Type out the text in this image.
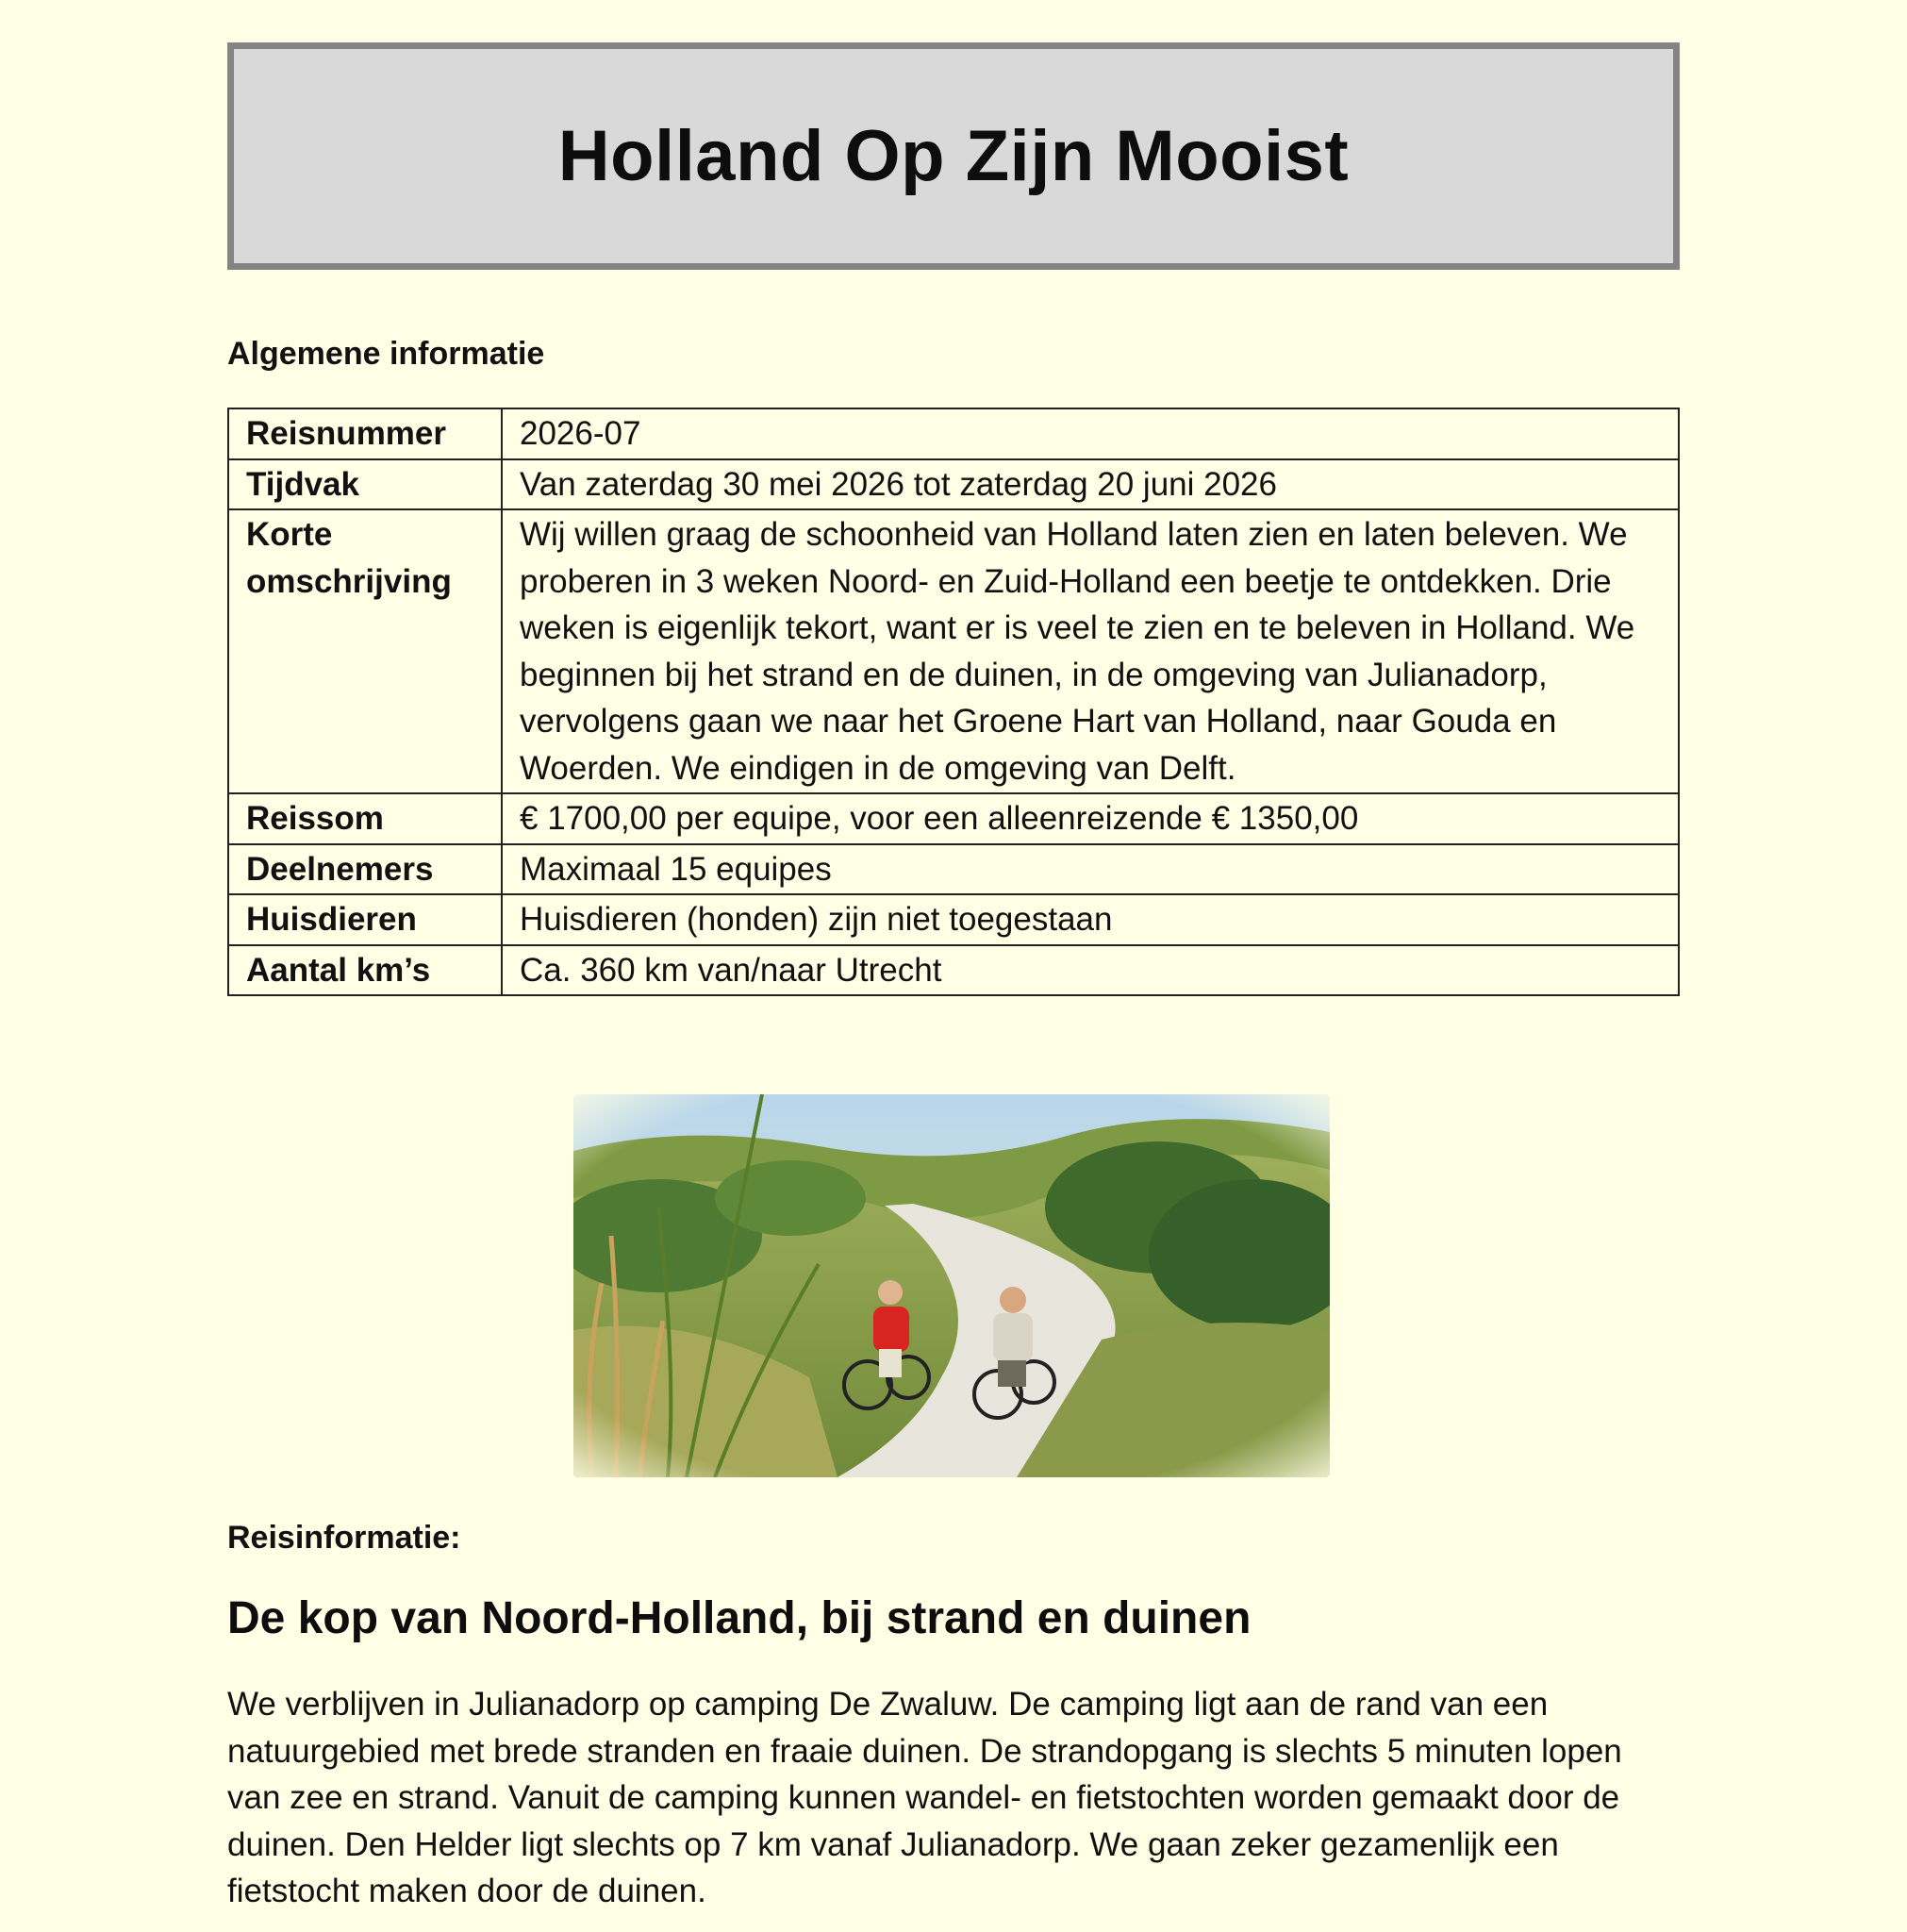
Holland Op Zijn Mooist

Algemene informatie

Reisnummer	2026-07
Tijdvak	Van zaterdag 30 mei 2026 tot zaterdag 20 juni 2026
Korte omschrijving	Wij willen graag de schoonheid van Holland laten zien en laten beleven. We proberen in 3 weken Noord- en Zuid-Holland een beetje te ontdekken. Drie weken is eigenlijk tekort, want er is veel te zien en te beleven in Holland. We beginnen bij het strand en de duinen, in de omgeving van Julianadorp, vervolgens gaan we naar het Groene Hart van Holland, naar Gouda en Woerden. We eindigen in de omgeving van Delft.
Reissom	€ 1700,00 per equipe, voor een alleenreizende € 1350,00
Deelnemers	Maximaal 15 equipes
Huisdieren	Huisdieren (honden) zijn niet toegestaan
Aantal km’s	Ca. 360 km van/naar Utrecht

Reisinformatie:

De kop van Noord-Holland, bij strand en duinen

We verblijven in Julianadorp op camping De Zwaluw. De camping ligt aan de rand van een natuurgebied met brede stranden en fraaie duinen. De strandopgang is slechts 5 minuten lopen van zee en strand. Vanuit de camping kunnen wandel- en fietstochten worden gemaakt door de duinen. Den Helder ligt slechts op 7 km vanaf Julianadorp. We gaan zeker gezamenlijk een fietstocht maken door de duinen.
